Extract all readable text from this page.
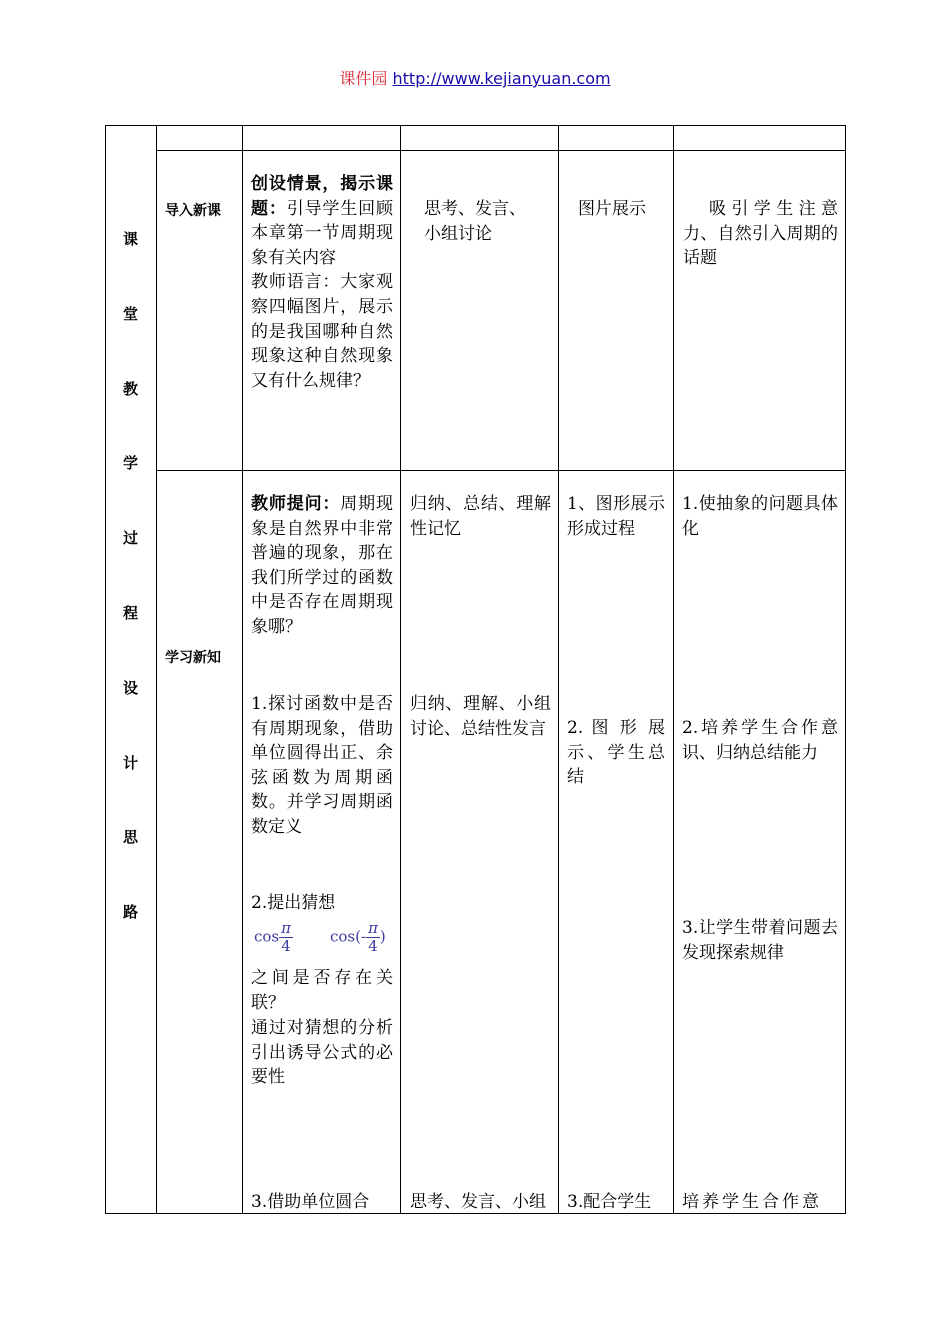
课件园 http://www.kejianyuan.com
课
堂
教
学
过
程
设
计
思
路
导入新课
创设情景，揭示课题：引导学生回顾本章第一节周期现象有关内容
教师语言：大家观察四幅图片，展示的是我国哪种自然现象这种自然现象又有什么规律？
思考、发言、小组讨论
图片展示	吸引学生注意力、自然引入周期的话题
学习新知
教师提问：周期现象是自然界中非常普遍的现象，那在我们所学过的函数中是否存在周期现象哪？
1.探讨函数中是否有周期现象，借助单位圆得出正、余弦函数为周期函数。并学习周期函数定义
2.提出猜想
$\cos \frac{\pi}{4} \cos(- \frac{\pi}{4}$ )
之间是否存在关联？
通过对猜想的分析引出诱导公式的必要性
3.借助单位圆合
归纳、总结、理解性记忆
归纳、理解、小组讨论、总结性发言
思考、发言、小组
1、图形展示形成过程
2. 图 形 展 示、学生总结
3.配合学生
1.使抽象的问题具体化
2.培养学生合作意识、归纳总结能力
3.让学生带着问题去发现探索规律
培养学生合作意
